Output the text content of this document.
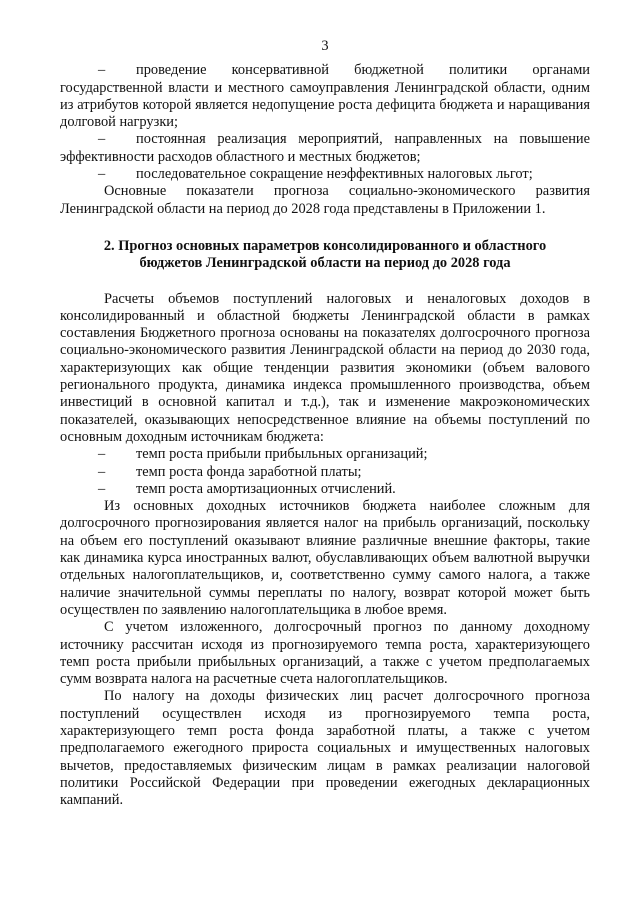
3

– проведение консервативной бюджетной политики органами государственной власти и местного самоуправления Ленинградской области, одним из атрибутов которой является недопущение роста дефицита бюджета и наращивания долговой нагрузки;

– постоянная реализация мероприятий, направленных на повышение эффективности расходов областного и местных бюджетов;

– последовательное сокращение неэффективных налоговых льгот;

Основные показатели прогноза социально-экономического развития Ленинградской области на период до 2028 года представлены в Приложении 1.

2. Прогноз основных параметров консолидированного и областного
бюджетов Ленинградской области на период до 2028 года

Расчеты объемов поступлений налоговых и неналоговых доходов в консолидированный и областной бюджеты Ленинградской области в рамках составления Бюджетного прогноза основаны на показателях долгосрочного прогноза социально-экономического развития Ленинградской области на период до 2030 года, характеризующих как общие тенденции развития экономики (объем валового регионального продукта, динамика индекса промышленного производства, объем инвестиций в основной капитал и т.д.), так и изменение макроэкономических показателей, оказывающих непосредственное влияние на объемы поступлений по основным доходным источникам бюджета:

– темп роста прибыли прибыльных организаций;

– темп роста фонда заработной платы;

– темп роста амортизационных отчислений.

Из основных доходных источников бюджета наиболее сложным для долгосрочного прогнозирования является налог на прибыль организаций, поскольку на объем его поступлений оказывают влияние различные внешние факторы, такие как динамика курса иностранных валют, обуславливающих объем валютной выручки отдельных налогоплательщиков, и, соответственно сумму самого налога, а также наличие значительной суммы переплаты по налогу, возврат которой может быть осуществлен по заявлению налогоплательщика в любое время.

С учетом изложенного, долгосрочный прогноз по данному доходному источнику рассчитан исходя из прогнозируемого темпа роста, характеризующего темп роста прибыли прибыльных организаций, а также с учетом предполагаемых сумм возврата налога на расчетные счета налогоплательщиков.

По налогу на доходы физических лиц расчет долгосрочного прогноза поступлений осуществлен исходя из прогнозируемого темпа роста, характеризующего темп роста фонда заработной платы, а также с учетом предполагаемого ежегодного прироста социальных и имущественных налоговых вычетов, предоставляемых физическим лицам в рамках реализации налоговой политики Российской Федерации при проведении ежегодных декларационных кампаний.
